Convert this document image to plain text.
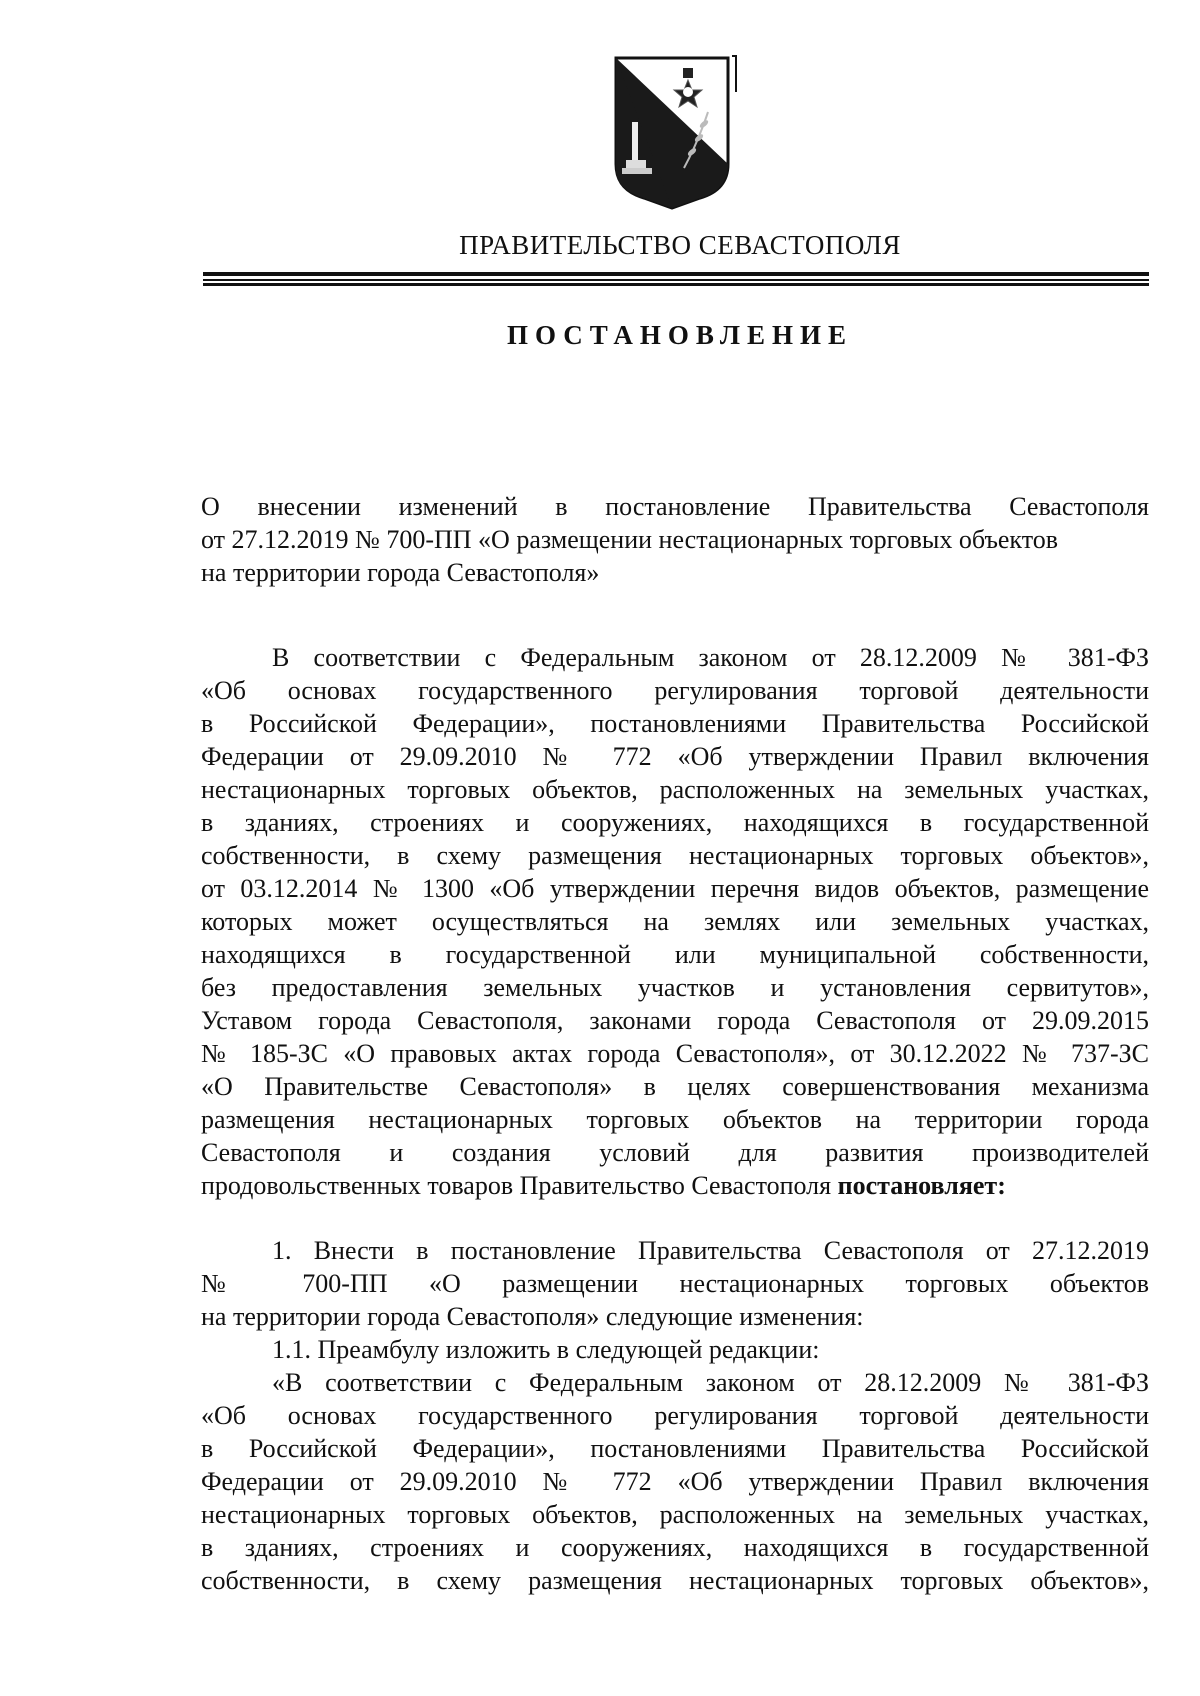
ПРАВИТЕЛЬСТВО СЕВАСТОПОЛЯ
ПОСТАНОВЛЕНИЕ
О внесении изменений в постановление Правительства Севастополя
от 27.12.2019 № 700-ПП «О размещении нестационарных торговых объектов
на территории города Севастополя»
В соответствии с Федеральным законом от 28.12.2009 № 381-ФЗ
«Об основах государственного регулирования торговой деятельности
в Российской Федерации», постановлениями Правительства Российской
Федерации от 29.09.2010 № 772 «Об утверждении Правил включения
нестационарных торговых объектов, расположенных на земельных участках,
в зданиях, строениях и сооружениях, находящихся в государственной
собственности, в схему размещения нестационарных торговых объектов»,
от 03.12.2014 № 1300 «Об утверждении перечня видов объектов, размещение
которых может осуществляться на землях или земельных участках,
находящихся в государственной или муниципальной собственности,
без предоставления земельных участков и установления сервитутов»,
Уставом города Севастополя, законами города Севастополя от 29.09.2015
№ 185-ЗС «О правовых актах города Севастополя», от 30.12.2022 № 737-ЗС
«О Правительстве Севастополя» в целях совершенствования механизма
размещения нестационарных торговых объектов на территории города
Севастополя и создания условий для развития производителей
продовольственных товаров Правительство Севастополя постановляет:
1. Внести в постановление Правительства Севастополя от 27.12.2019
№ 700-ПП «О размещении нестационарных торговых объектов
на территории города Севастополя» следующие изменения:
1.1. Преамбулу изложить в следующей редакции:
«В соответствии с Федеральным законом от 28.12.2009 № 381-ФЗ
«Об основах государственного регулирования торговой деятельности
в Российской Федерации», постановлениями Правительства Российской
Федерации от 29.09.2010 № 772 «Об утверждении Правил включения
нестационарных торговых объектов, расположенных на земельных участках,
в зданиях, строениях и сооружениях, находящихся в государственной
собственности, в схему размещения нестационарных торговых объектов»,
